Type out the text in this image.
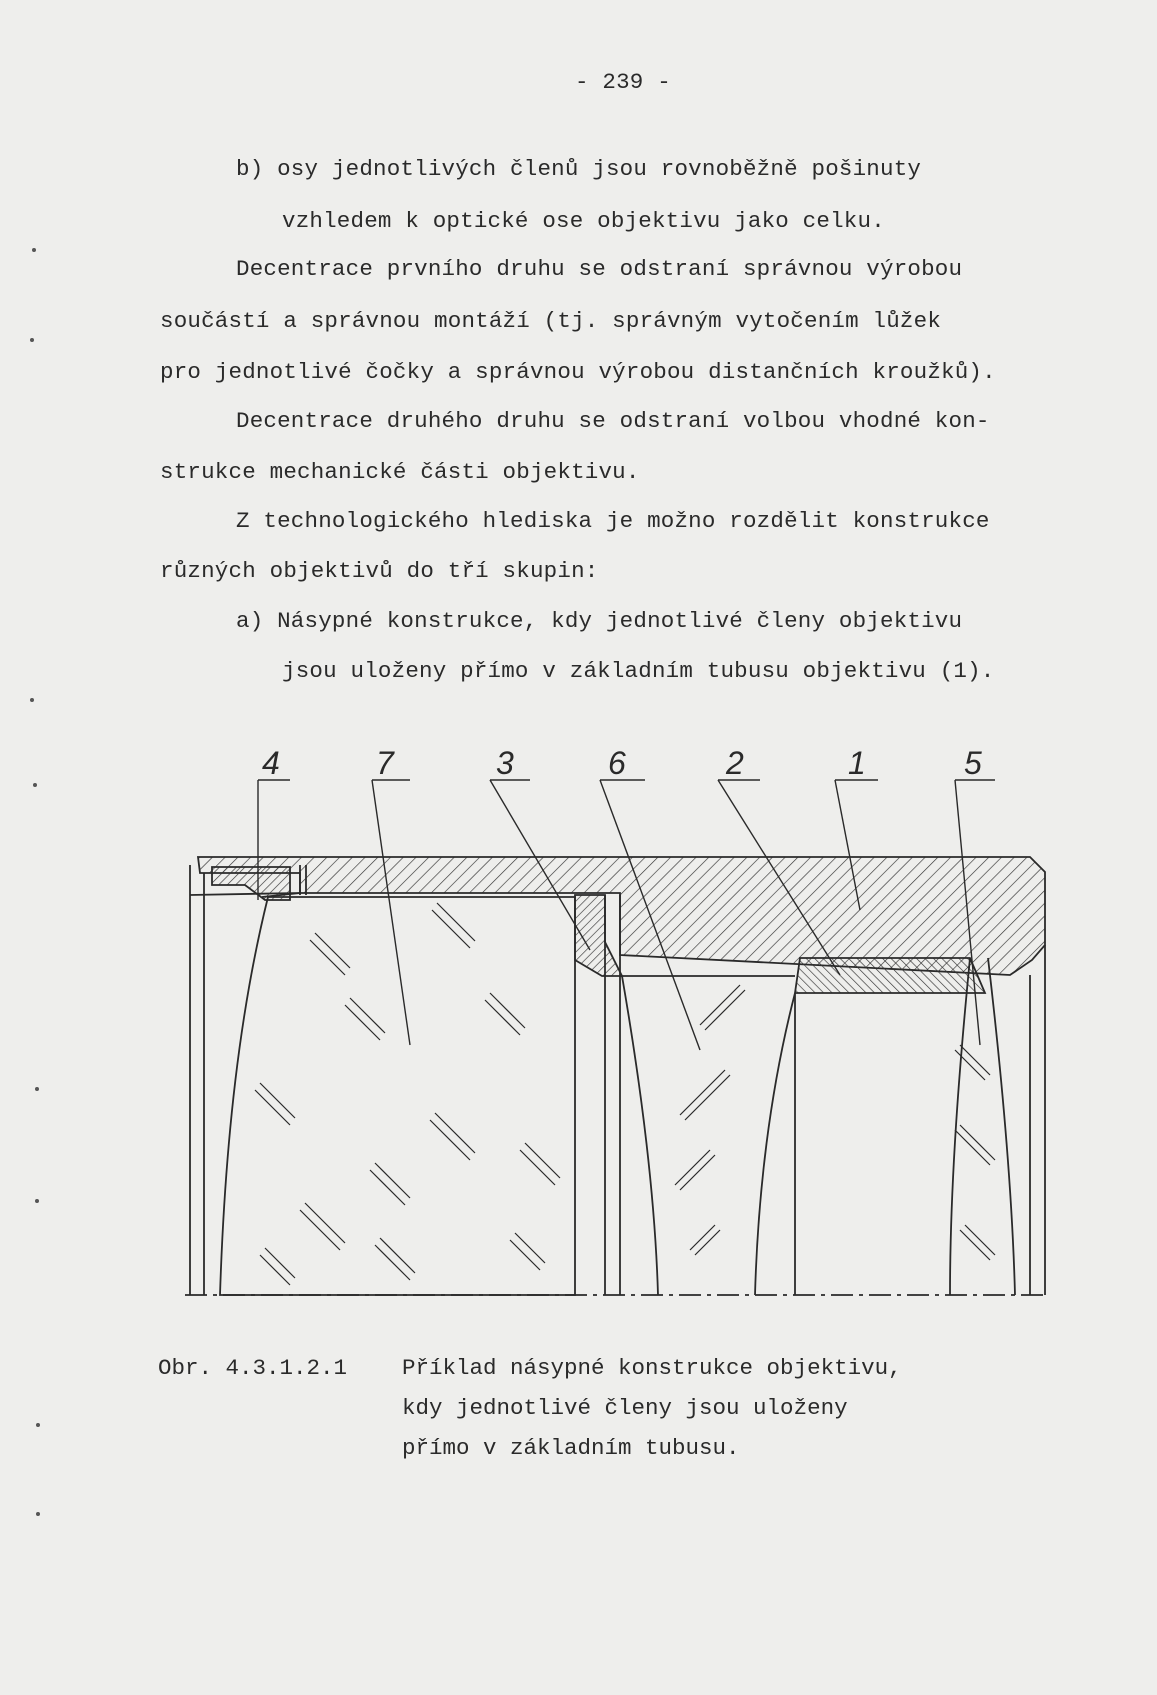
- 239 -
b) osy jednotlivých členů jsou rovnoběžně pošinuty
vzhledem k optické ose objektivu jako celku.
Decentrace prvního druhu se odstraní správnou výrobou
součástí a správnou montáží (tj. správným vytočením lůžek
pro jednotlivé čočky a správnou výrobou distančních kroužků).
Decentrace druhého druhu se odstraní volbou vhodné kon-
strukce mechanické části objektivu.
Z technologického hlediska je možno rozdělit konstrukce
různých objektivů do tří skupin:
a) Násypné konstrukce, kdy jednotlivé členy objektivu
jsou uloženy přímo v základním tubusu objektivu (1).
4	7	3	6	2	1	5
Obr. 4.3.1.2.1 Příklad násypné konstrukce objektivu,
kdy jednotlivé členy jsou uloženy
přímo v základním tubusu.
